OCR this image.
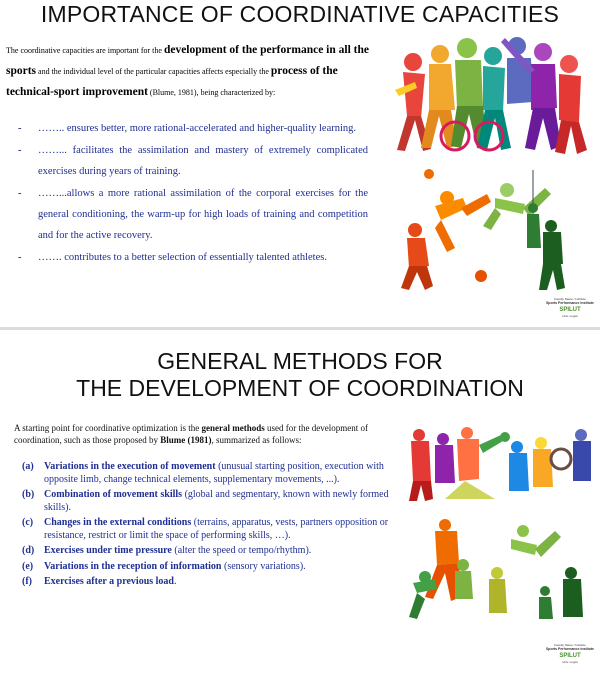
IMPORTANCE OF COORDINATIVE CAPACITIES
The coordinative capacities are important for the development of the performance in all the sports and the individual level of the particular capacities affects especially the process of the technical-sport improvement (Blume, 1981), being characterized by:
- …….. ensures better, more rational-accelerated and higher-quality learning.
- ……... facilitates the assimilation and mastery of extremely complicated exercises during years of training.
- ……...allows a more rational assimilation of the corporal exercises for the general conditioning, the warm-up for high loads of training and competition and for the active recovery.
- ……. contributes to a better selection of essentially talented athletes.
Faculty Name / Institute
Sports Performance Institute
SPILUT
Univ. Logos
GENERAL METHODS FOR
THE DEVELOPMENT OF COORDINATION
A starting point for coordinative optimization is the general methods used for the development of coordination, such as those proposed by Blume (1981), summarized as follows:
(a) Variations in the execution of movement (unusual starting position, execution with opposite limb, change technical elements, supplementary movements, ...).
(b) Combination of movement skills (global and segmentary, known with newly formed skills).
(c) Changes in the external conditions (terrains, apparatus, vests, partners opposition or resistance, restrict or limit the space of performing skills, …).
(d) Exercises under time pressure (alter the speed or tempo/rhythm).
(e) Variations in the reception of information (sensory variations).
(f) Exercises after a previous load.
Faculty Name / Institute
Sports Performance Institute
SPILUT
Univ. Logos
